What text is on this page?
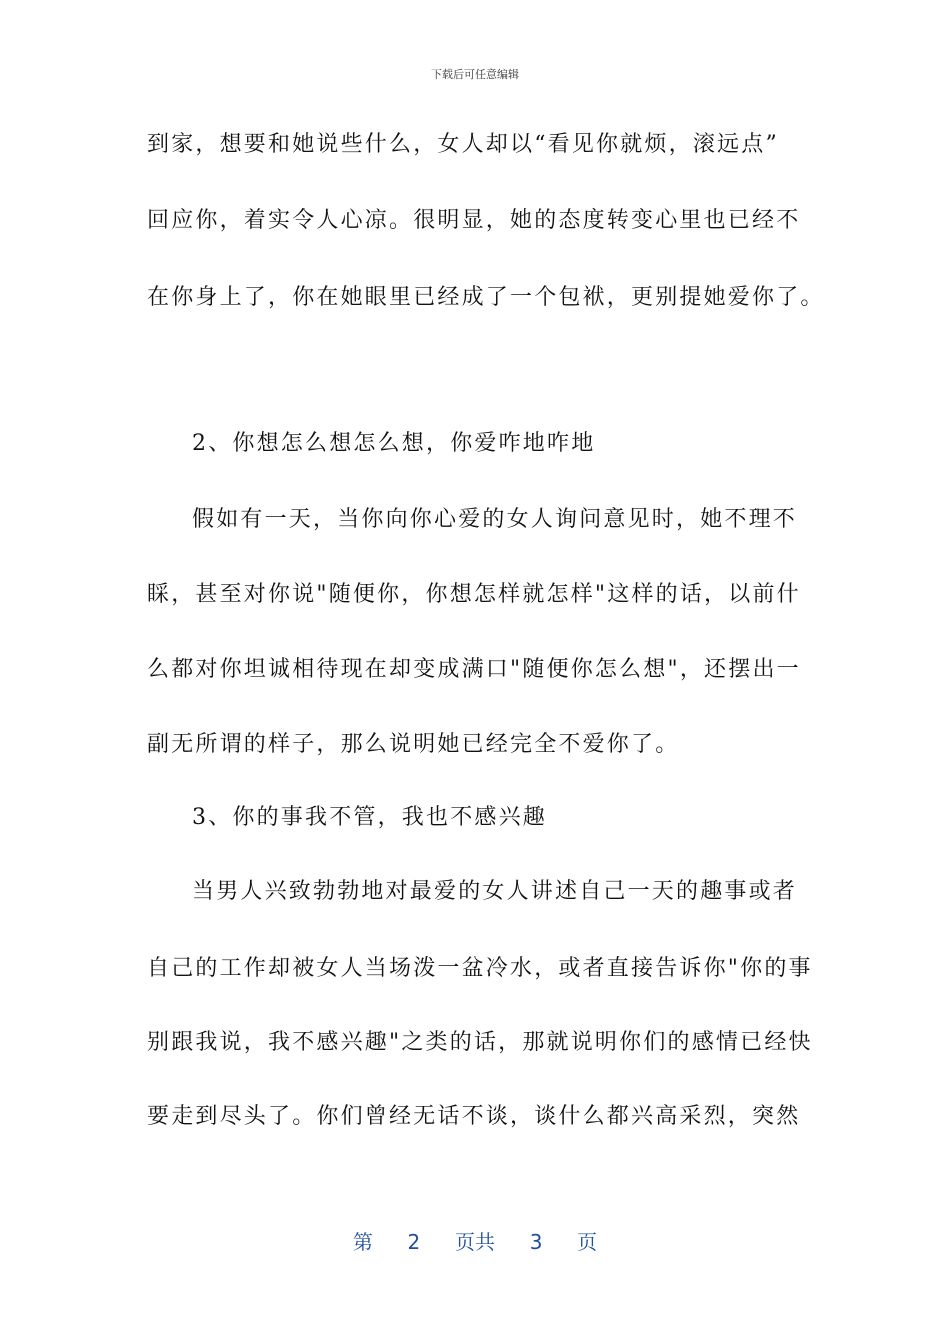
下载后可任意编辑
到家，想要和她说些什么，女人却以“看见你就烦，滚远点”
回应你，着实令人心凉。很明显，她的态度转变心里也已经不
在你身上了，你在她眼里已经成了一个包袱，更别提她爱你了。
2、你想怎么想怎么想，你爱咋地咋地
假如有一天，当你向你心爱的女人询问意见时，她不理不
睬，甚至对你说"随便你，你想怎样就怎样"这样的话，以前什
么都对你坦诚相待现在却变成满口"随便你怎么想"，还摆出一
副无所谓的样子，那么说明她已经完全不爱你了。
3、你的事我不管，我也不感兴趣
当男人兴致勃勃地对最爱的女人讲述自己一天的趣事或者
自己的工作却被女人当场泼一盆冷水，或者直接告诉你"你的事
别跟我说，我不感兴趣"之类的话，那就说明你们的感情已经快
要走到尽头了。你们曾经无话不谈，谈什么都兴高采烈，突然
第 2 页共 3 页
